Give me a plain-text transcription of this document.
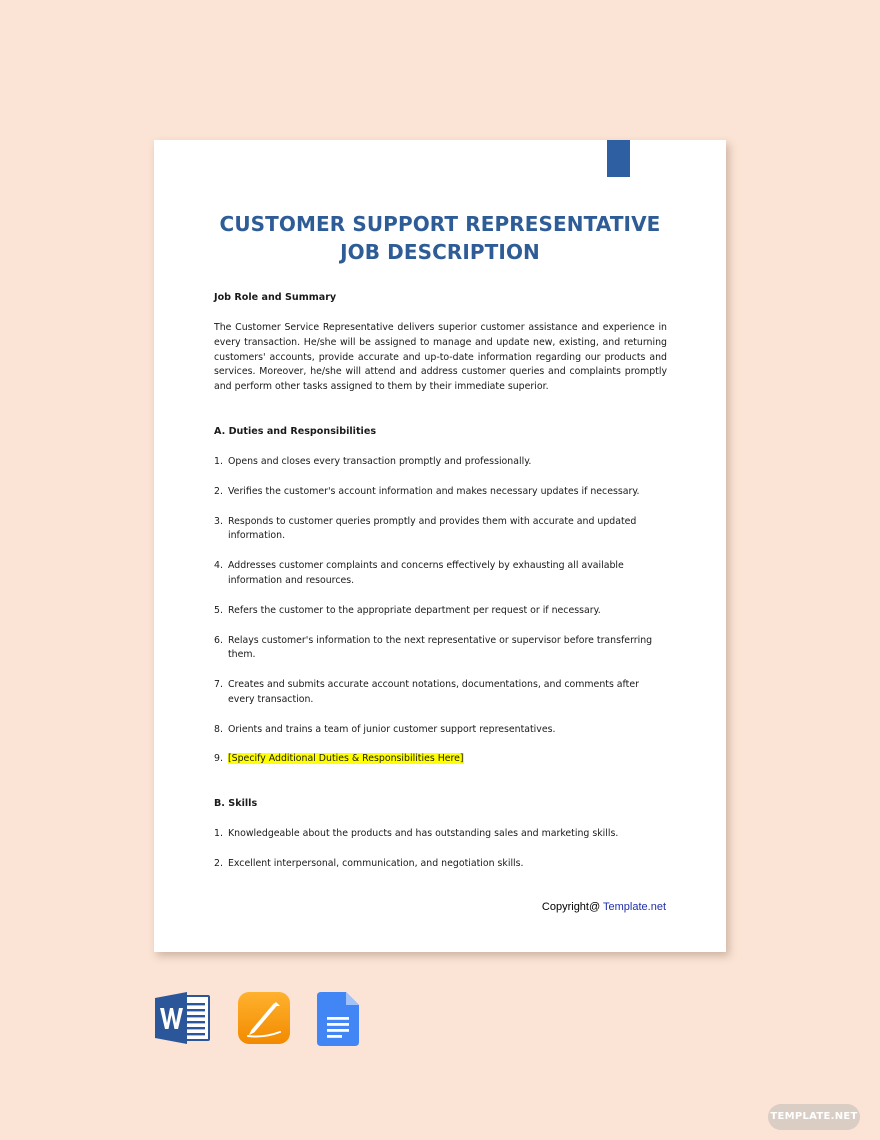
CUSTOMER SUPPORT REPRESENTATIVE
JOB DESCRIPTION
Job Role and Summary

The Customer Service Representative delivers superior customer assistance and experience in every transaction. He/she will be assigned to manage and update new, existing, and returning customers' accounts, provide accurate and up-to-date information regarding our products and services. Moreover, he/she will attend and address customer queries and complaints promptly and perform other tasks assigned to them by their immediate superior.

A. Duties and Responsibilities
1. Opens and closes every transaction promptly and professionally.
2. Verifies the customer's account information and makes necessary updates if necessary.
3. Responds to customer queries promptly and provides them with accurate and updated information.
4. Addresses customer complaints and concerns effectively by exhausting all available information and resources.
5. Refers the customer to the appropriate department per request or if necessary.
6. Relays customer's information to the next representative or supervisor before transferring them.
7. Creates and submits accurate account notations, documentations, and comments after every transaction.
8. Orients and trains a team of junior customer support representatives.
9. [Specify Additional Duties & Responsibilities Here]
B. Skills
1. Knowledgeable about the products and has outstanding sales and marketing skills.
2. Excellent interpersonal, communication, and negotiation skills.
Copyright@ Template.net
TEMPLATE.NET
